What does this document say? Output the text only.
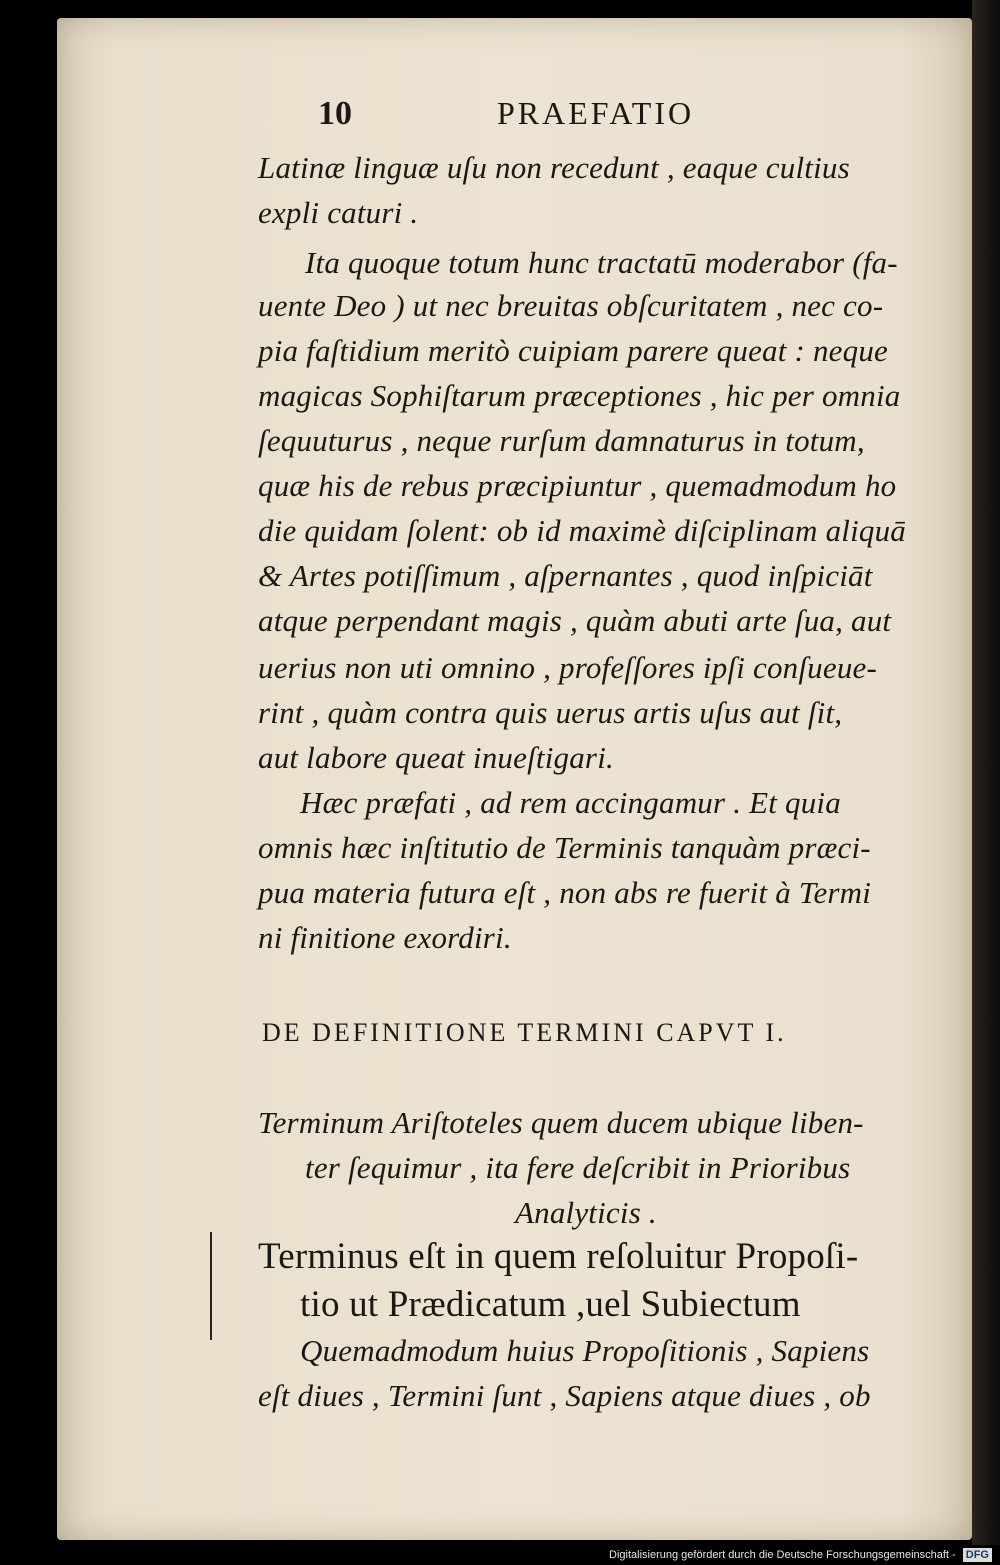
10	PRAEFATIO
Latinæ linguæ uſu non recedunt , eaque cultius
expli caturi .
Ita quoque totum hunc tractatū moderabor (fa-
uente Deo ) ut nec breuitas obſcuritatem , nec co-
pia faſtidium meritò cuipiam parere queat : neque
magicas Sophiſtarum præceptiones , hic per omnia
ſequuturus , neque rurſum damnaturus in totum,
quæ his de rebus præcipiuntur , quemadmodum ho
die quidam ſolent: ob id maximè diſciplinam aliquā
& Artes potiſſimum , aſpernantes , quod inſpiciāt
atque perpendant magis , quàm abuti arte ſua, aut
uerius non uti omnino , profeſſores ipſi conſueue-
rint , quàm contra quis uerus artis uſus aut ſit,
aut labore queat inueſtigari.
Hæc præfati , ad rem accingamur . Et quia
omnis hæc inſtitutio de Terminis tanquàm præci-
pua materia futura eſt , non abs re fuerit à Termi
ni finitione exordiri.
DE DEFINITIONE TERMINI CAPVT I.
Terminum Ariſtoteles quem ducem ubique liben-
ter ſequimur , ita fere deſcribit in Prioribus
Analyticis .
Terminus eſt in quem reſoluitur Propoſi-
tio ut Prædicatum ,uel Subiectum
Quemadmodum huius Propoſitionis , Sapiens
eſt diues , Termini ſunt , Sapiens atque diues , ob
Digitalisierung gefördert durch die Deutsche Forschungsgemeinschaft - DFG
